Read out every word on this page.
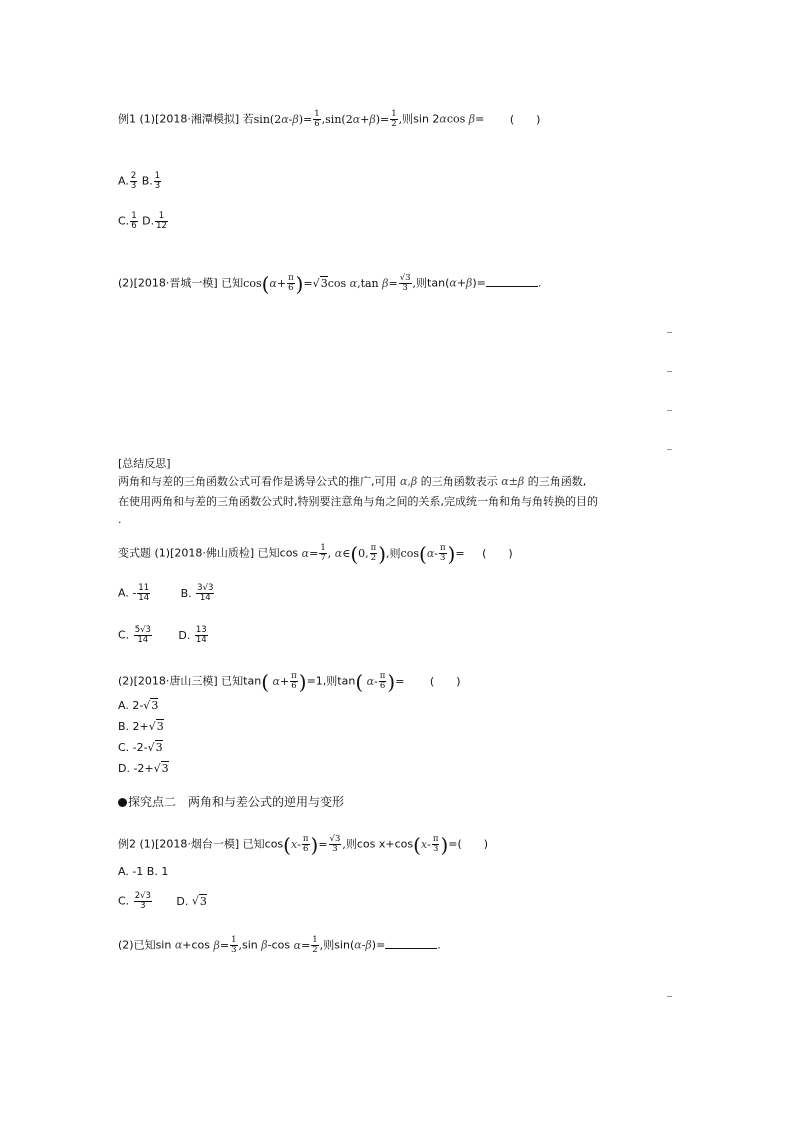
例1 (1)[2018·湘潭模拟] 若$\sin(2\alpha-\beta)= \frac{1}{6} ,\sin(2\alpha+\beta)= \frac{1}{2}$ ,则sin 2αcos β= (　　)
A. $\frac{2}{3} B$. $\frac{1}{3}$
C. $\frac{1}{6} D$. $\frac{1}{12}$
(2)[2018·晋城一模] 已知$\cos(\alpha+ \frac{\pi}{6} )=√3\cos$ α,tan $\beta= \frac{√3}{3}$ ,则tan(α+β)=	.
[总结反思]
两角和与差的三角函数公式可看作是诱导公式的推广,可用 α,β 的三角函数表示 α±β 的三角函数,
在使用两角和与差的三角函数公式时,特别要注意角与角之间的关系,完成统一角和角与角转换的目的
.
变式题 (1)[2018·佛山质检] 已知$\cos \alpha= \frac{1}{7}$ , α∈(0, $\frac{\pi}{2}$ ),则$\cos(\alpha- \frac{\pi}{3}$ )= (　　)
A. - $\frac{11}{14}$	B. $\frac{3√3}{14}$
C. $\frac{5√3}{14} D$. $\frac{13}{14}$
(2)[2018·唐山三模] 已知tan( $\alpha+ \frac{\pi}{6} )=1$,则tan( $\alpha- \frac{\pi}{6}$ )= (　　)
A. 2-√3
B. 2+√3
C. -2-√3
D. -2+√3
探究点二　两角和与差公式的逆用与变形
例2 (1)[2018·烟台一模] 已知$\cos(x- \frac{\pi}{6}$ )= $\frac{√3}{3}$ ,则$\cos x+\cos(x- \frac{\pi}{3}$ )=(　　)
A. -1 B. 1
C. $\frac{2√3}{3} D$. √3
(2)已知sin α+cos $\beta= \frac{1}{3} ,\sin$ β-cos $\alpha= \frac{1}{2}$ ,则sin(α-β)=	.
